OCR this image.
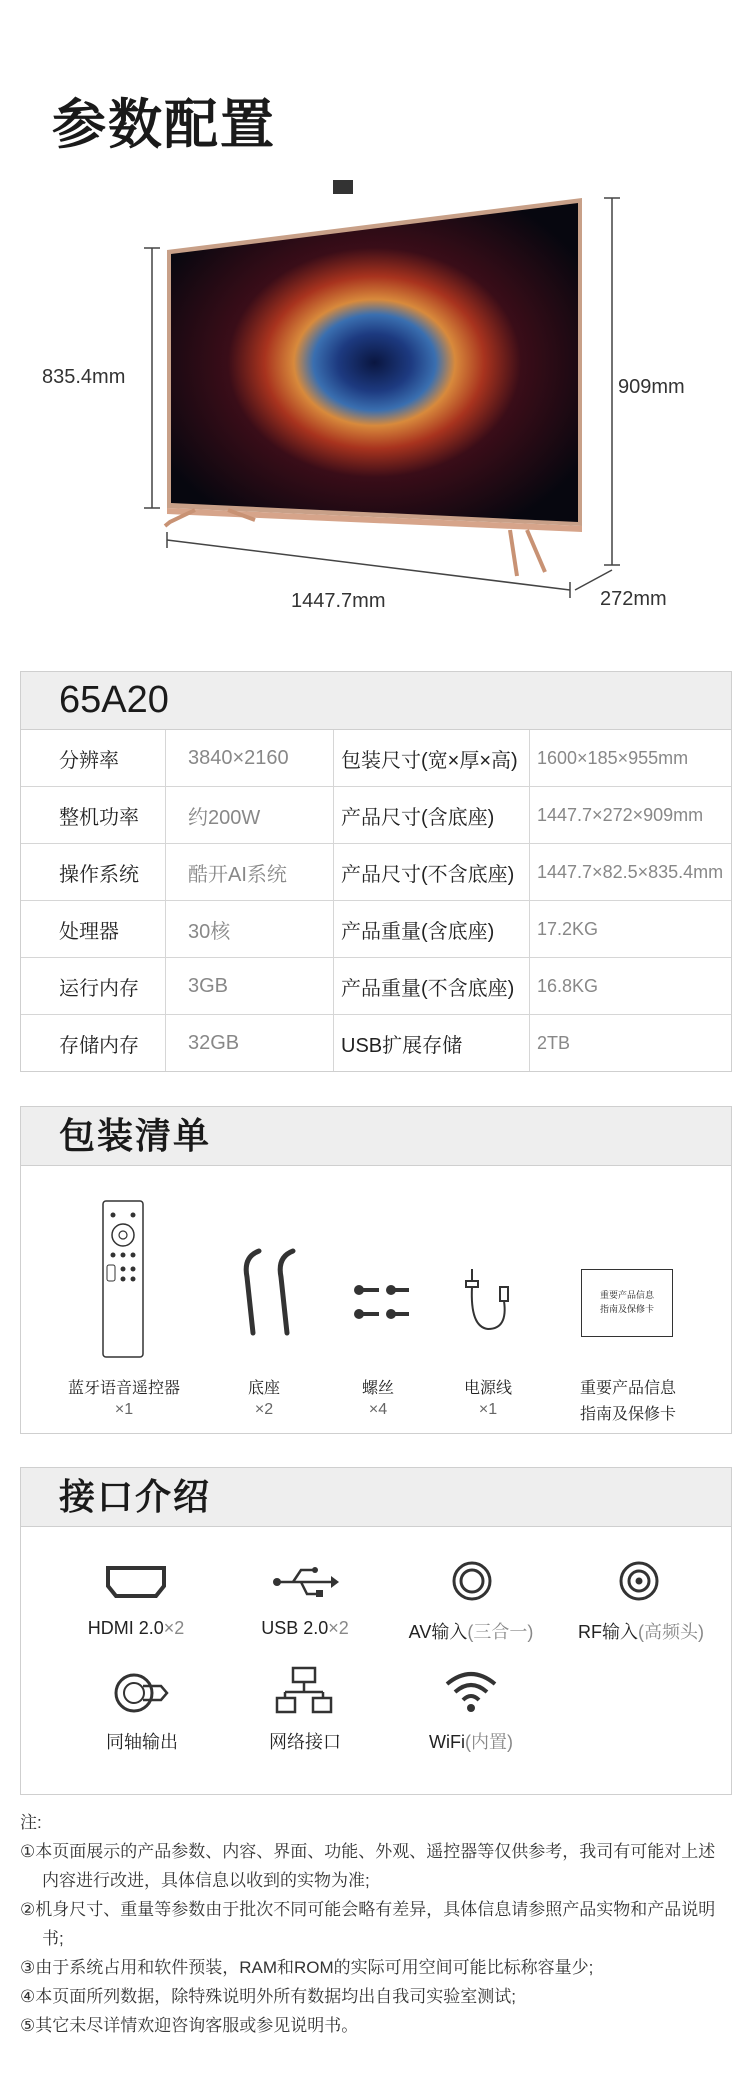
参数配置
835.4mm	909mm
1447.7mm	272mm
65A20
分辨率	3840×2160	包装尺寸(宽×厚×高)	1600×185×955mm
整机功率	约200W	产品尺寸(含底座)	1447.7×272×909mm
操作系统	酷开AI系统	产品尺寸(不含底座)	1447.7×82.5×835.4mm
处理器	30核	产品重量(含底座)	17.2KG
运行内存	3GB	产品重量(不含底座)	16.8KG
存储内存	32GB	USB扩展存储	2TB
包装清单
重要产品信息
指南及保修卡
蓝牙语音遥控器
×1
底座
×2
螺丝
×4
电源线
×1
重要产品信息
指南及保修卡
接口介绍
HDMI 2.0×2	USB 2.0×2	AV输入(三合一)	RF输入(高频头)
同轴输出	网络接口	WiFi(内置)
注:
①本页面展示的产品参数、内容、界面、功能、外观、遥控器等仅供参考，我司有可能对上述内容进行改进，具体信息以收到的实物为准;
②机身尺寸、重量等参数由于批次不同可能会略有差异，具体信息请参照产品实物和产品说明书;
③由于系统占用和软件预装，RAM和ROM的实际可用空间可能比标称容量少;
④本页面所列数据，除特殊说明外所有数据均出自我司实验室测试;
⑤其它未尽详情欢迎咨询客服或参见说明书。
